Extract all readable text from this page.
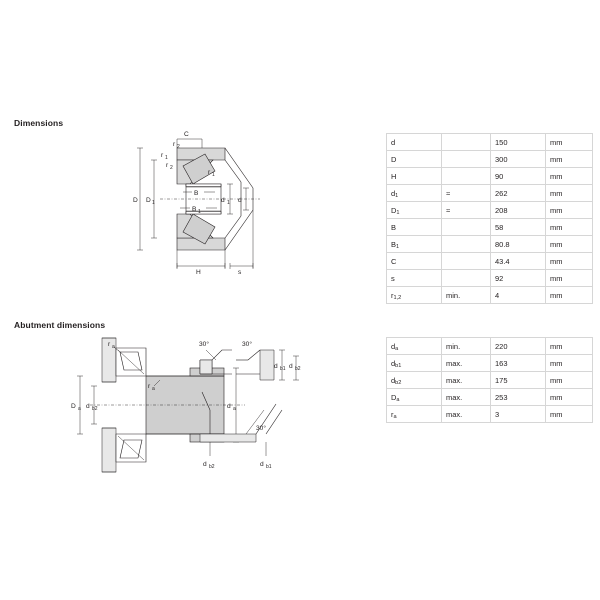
Dimensions
Abutment dimensions
C
r 2
r 1
r 2
r 1
B
B 1
D D 1	d 1 d
H	s
r a
r a
D a d b2	d a
30°	30°
d b1 d b2
30°
d b2	d b1
d		150	mm
D		300	mm
H		90	mm
$d_1$	≈	262	mm
$D_1$	≈	208	mm
B		58	mm
$B_1$		80.8	mm
C		43.4	mm
s		92	mm
$r_{1,2}$	min.	4	mm
$d_a$	min.	220	mm
$d_{b1}$	max.	163	mm
$d_{b2}$	max.	175	mm
$D_a$	max.	253	mm
$r_a$	max.	3	mm
